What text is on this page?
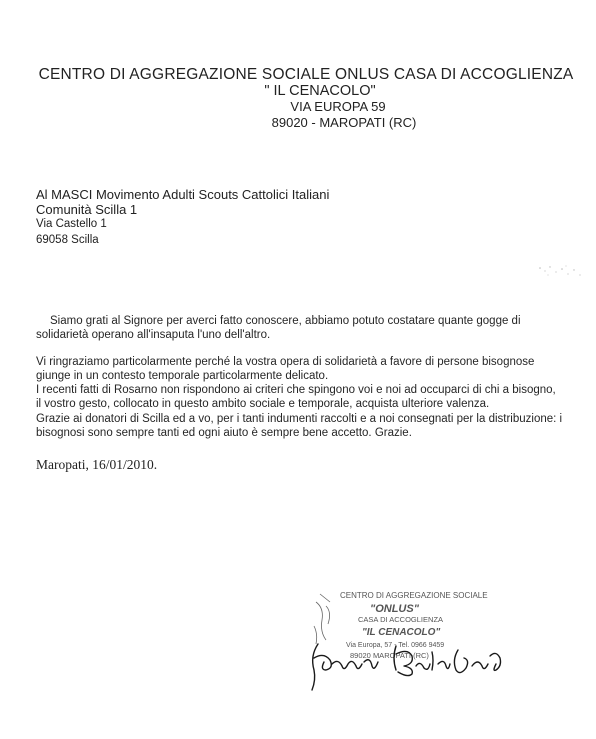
CENTRO DI AGGREGAZIONE SOCIALE ONLUS CASA DI ACCOGLIENZA
" IL CENACOLO"
VIA EUROPA 59
89020 - MAROPATI (RC)
Al MASCI Movimento Adulti Scouts Cattolici Italiani
Comunità Scilla 1
Via Castello 1
69058 Scilla
Siamo grati al Signore per averci fatto conoscere, abbiamo potuto costatare quante gogge di
solidarietà operano all'insaputa l'uno dell'altro.
Vi ringraziamo particolarmente perché la vostra opera di solidarietà a favore di persone bisognose
giunge in un contesto temporale particolarmente delicato.
I recenti fatti di Rosarno non rispondono ai criteri che spingono voi e noi ad occuparci di chi a bisogno,
il vostro gesto, collocato in questo ambito sociale e temporale, acquista ulteriore valenza.
Grazie ai donatori di Scilla ed a vo, per i tanti indumenti raccolti e a noi consegnati per la distribuzione: i
bisognosi sono sempre tanti ed ogni aiuto è sempre bene accetto. Grazie.
Maropati, 16/01/2010.
CENTRO DI AGGREGAZIONE SOCIALE
"ONLUS"
CASA DI ACCOGLIENZA
"IL CENACOLO"
Via Europa, 57 - Tel. 0966 9459
89020 MAROPATI (RC)
